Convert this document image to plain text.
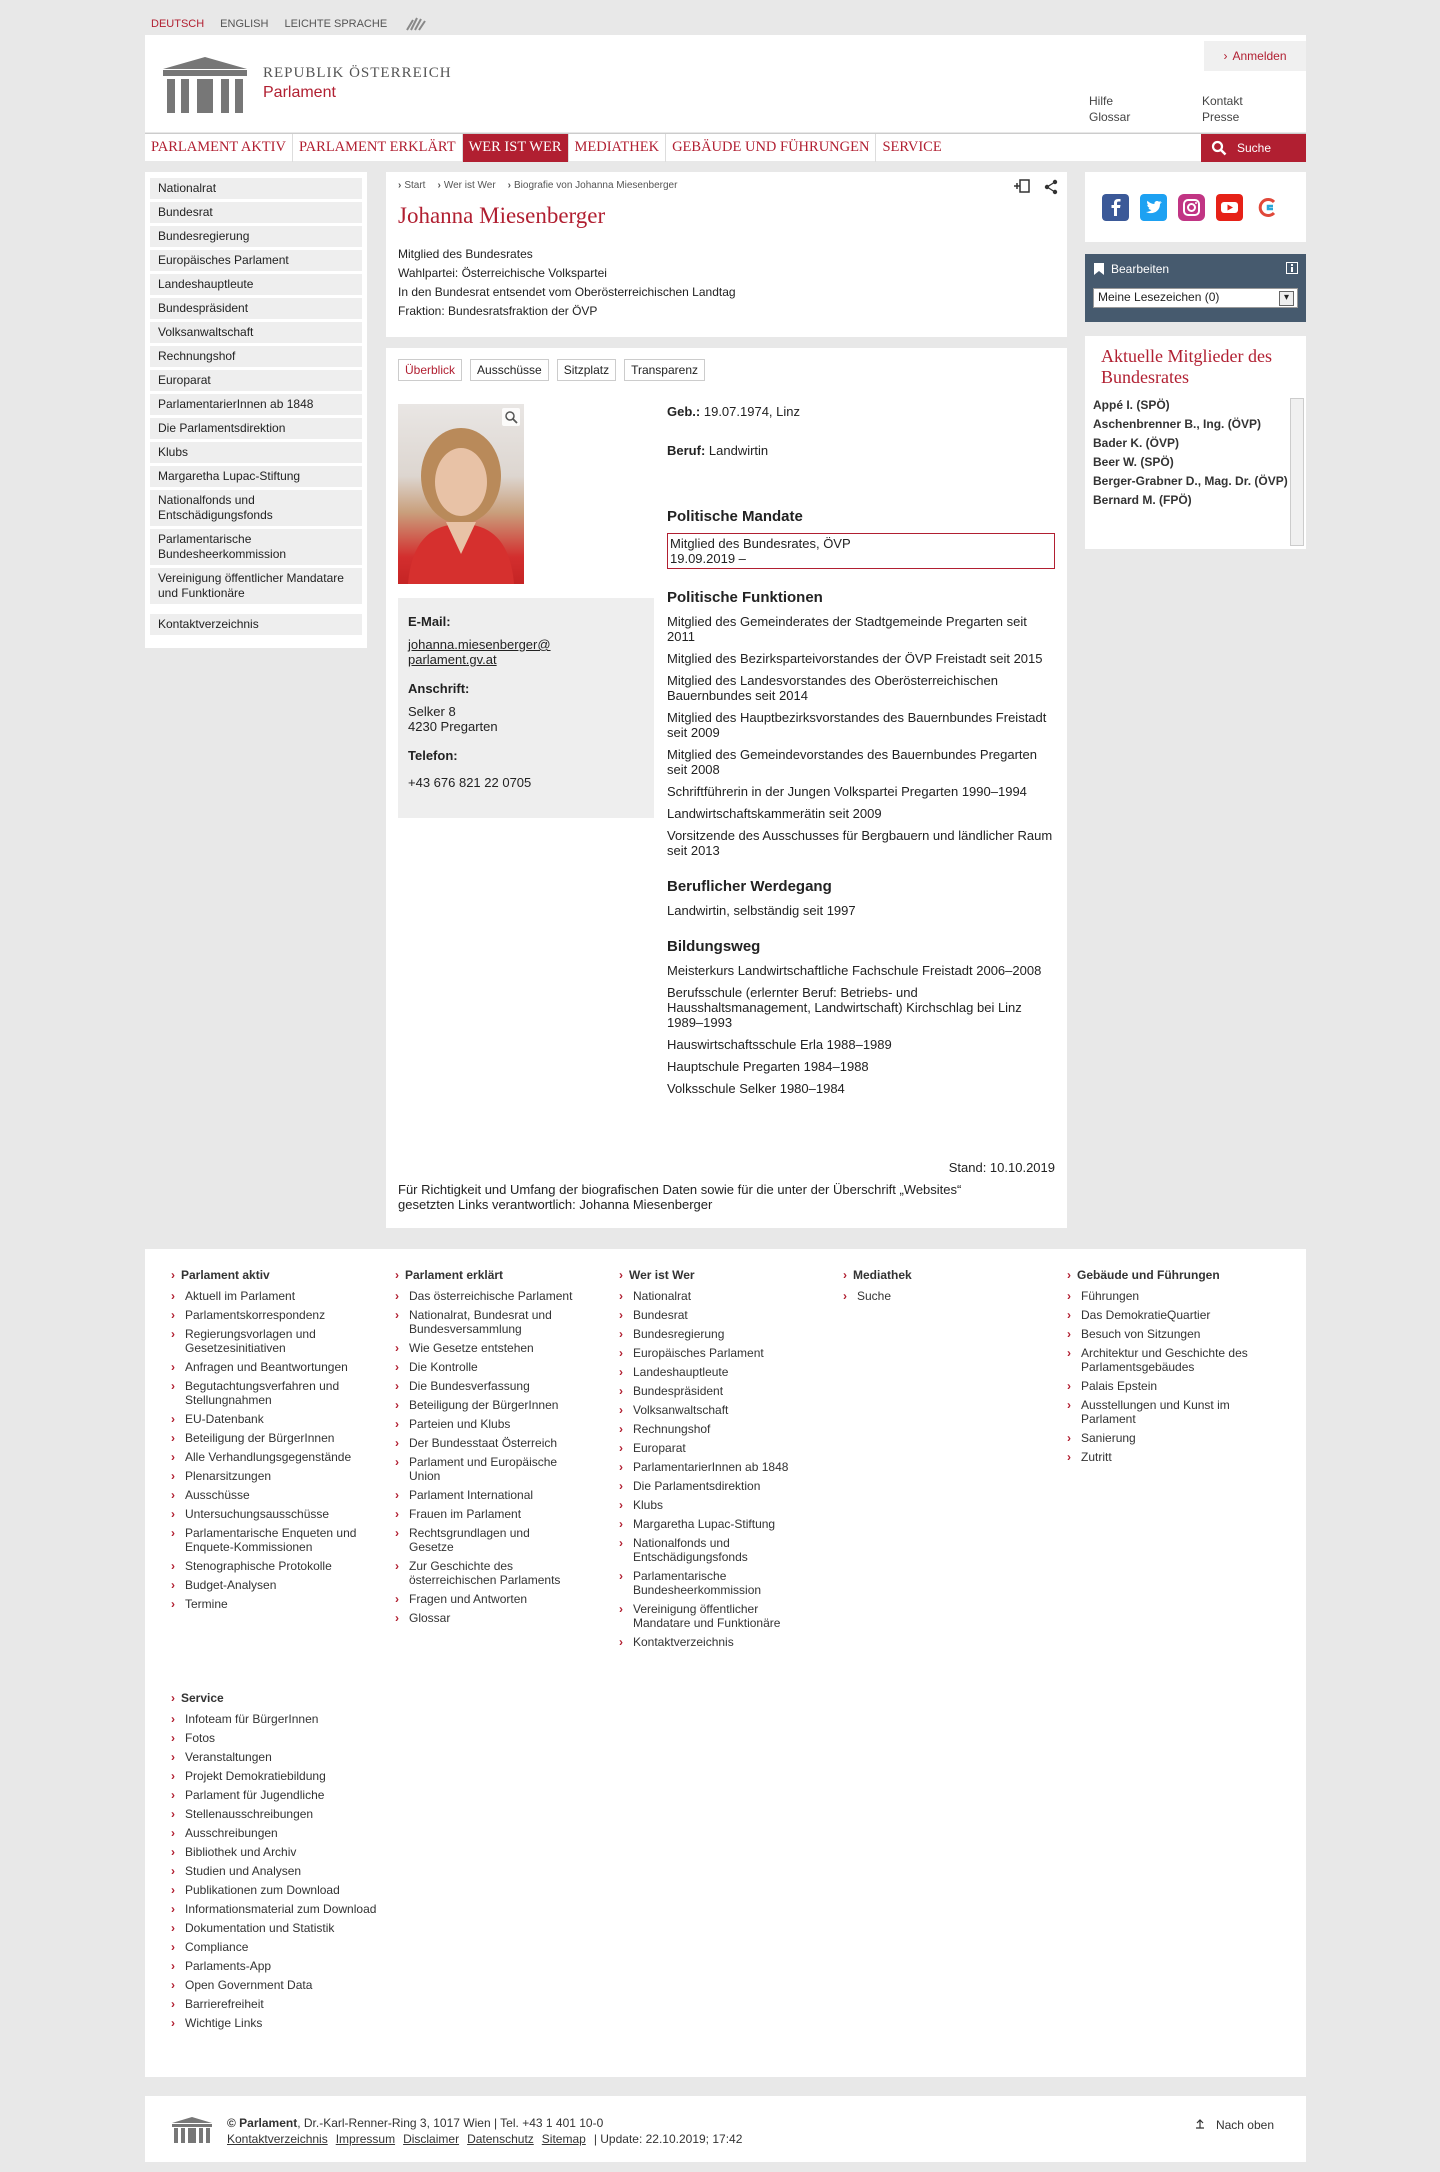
DEUTSCH ENGLISH LEICHTE SPRACHE
REPUBLIK ÖSTERREICH
Parlament
› Anmelden
Hilfe
Glossar
Kontakt
Presse
PARLAMENT AKTIV PARLAMENT ERKLÄRT WER IST WER MEDIATHEK GEBÄUDE UND FÜHRUNGEN SERVICE	Suche
Nationalrat
Bundesrat
Bundesregierung
Europäisches Parlament
Landeshauptleute
Bundespräsident
Volksanwaltschaft
Rechnungshof
Europarat
ParlamentarierInnen ab 1848
Die Parlamentsdirektion
Klubs
Margaretha Lupac-Stiftung
Nationalfonds und Entschädigungsfonds
Parlamentarische Bundesheerkommission
Vereinigung öffentlicher Mandatare und Funktionäre
Kontaktverzeichnis
› Start	› Wer ist Wer	› Biografie von Johanna Miesenberger
Johanna Miesenberger
Mitglied des Bundesrates
Wahlpartei: Österreichische Volkspartei
In den Bundesrat entsendet vom Oberösterreichischen Landtag
Fraktion: Bundesratsfraktion der ÖVP
Überblick	Ausschüsse	Sitzplatz	Transparenz
E-Mail:
johanna.miesenberger@
parlament.gv.at
Anschrift:
Selker 8
4230 Pregarten
Telefon:
+43 676 821 22 0705
Geb.: 19.07.1974, Linz
Beruf: Landwirtin
Politische Mandate
Mitglied des Bundesrates, ÖVP
19.09.2019 –
Politische Funktionen
Mitglied des Gemeinderates der Stadtgemeinde Pregarten seit 2011
Mitglied des Bezirksparteivorstandes der ÖVP Freistadt seit 2015
Mitglied des Landesvorstandes des Oberösterreichischen Bauernbundes seit 2014
Mitglied des Hauptbezirksvorstandes des Bauernbundes Freistadt seit 2009
Mitglied des Gemeindevorstandes des Bauernbundes Pregarten seit 2008
Schriftführerin in der Jungen Volkspartei Pregarten 1990–1994
Landwirtschaftskammerätin seit 2009
Vorsitzende des Ausschusses für Bergbauern und ländlicher Raum seit 2013
Beruflicher Werdegang
Landwirtin, selbständig seit 1997
Bildungsweg
Meisterkurs Landwirtschaftliche Fachschule Freistadt 2006–2008
Berufsschule (erlernter Beruf: Betriebs- und Hausshaltsmanagement, Landwirtschaft) Kirchschlag bei Linz 1989–1993
Hauswirtschaftsschule Erla 1988–1989
Hauptschule Pregarten 1984–1988
Volksschule Selker 1980–1984
Stand: 10.10.2019
Für Richtigkeit und Umfang der biografischen Daten sowie für die unter der Überschrift „Websites“ gesetzten Links verantwortlich: Johanna Miesenberger
Bearbeiten
Meine Lesezeichen (0) ▾
Aktuelle Mitglieder des Bundesrates
Appé I. (SPÖ)
Aschenbrenner B., Ing. (ÖVP)
Bader K. (ÖVP)
Beer W. (SPÖ)
Berger-Grabner D., Mag. Dr. (ÖVP)
Bernard M. (FPÖ)
› Parlament aktiv
› Aktuell im Parlament
› Parlamentskorrespondenz
› Regierungsvorlagen und Gesetzesinitiativen
› Anfragen und Beantwortungen
› Begutachtungsverfahren und Stellungnahmen
› EU-Datenbank
› Beteiligung der BürgerInnen
› Alle Verhandlungsgegenstände
› Plenarsitzungen
› Ausschüsse
› Untersuchungsausschüsse
› Parlamentarische Enqueten und Enquete-Kommissionen
› Stenographische Protokolle
› Budget-Analysen
› Termine
› Parlament erklärt
› Das österreichische Parlament
› Nationalrat, Bundesrat und Bundesversammlung
› Wie Gesetze entstehen
› Die Kontrolle
› Die Bundesverfassung
› Beteiligung der BürgerInnen
› Parteien und Klubs
› Der Bundesstaat Österreich
› Parlament und Europäische Union
› Parlament International
› Frauen im Parlament
› Rechtsgrundlagen und Gesetze
› Zur Geschichte des österreichischen Parlaments
› Fragen und Antworten
› Glossar
› Wer ist Wer
› Nationalrat
› Bundesrat
› Bundesregierung
› Europäisches Parlament
› Landeshauptleute
› Bundespräsident
› Volksanwaltschaft
› Rechnungshof
› Europarat
› ParlamentarierInnen ab 1848
› Die Parlamentsdirektion
› Klubs
› Margaretha Lupac-Stiftung
› Nationalfonds und Entschädigungsfonds
› Parlamentarische Bundesheerkommission
› Vereinigung öffentlicher Mandatare und Funktionäre
› Kontaktverzeichnis
› Mediathek
› Suche
› Gebäude und Führungen
› Führungen
› Das DemokratieQuartier
› Besuch von Sitzungen
› Architektur und Geschichte des Parlamentsgebäudes
› Palais Epstein
› Ausstellungen und Kunst im Parlament
› Sanierung
› Zutritt
› Service
› Infoteam für BürgerInnen
› Fotos
› Veranstaltungen
› Projekt Demokratiebildung
› Parlament für Jugendliche
› Stellenausschreibungen
› Ausschreibungen
› Bibliothek und Archiv
› Studien und Analysen
› Publikationen zum Download
› Informationsmaterial zum Download
› Dokumentation und Statistik
› Compliance
› Parlaments-App
› Open Government Data
› Barrierefreiheit
› Wichtige Links
© Parlament, Dr.-Karl-Renner-Ring 3, 1017 Wien | Tel. +43 1 401 10-0
Kontaktverzeichnis Impressum Disclaimer Datenschutz Sitemap | Update: 22.10.2019; 17:42
Nach oben
